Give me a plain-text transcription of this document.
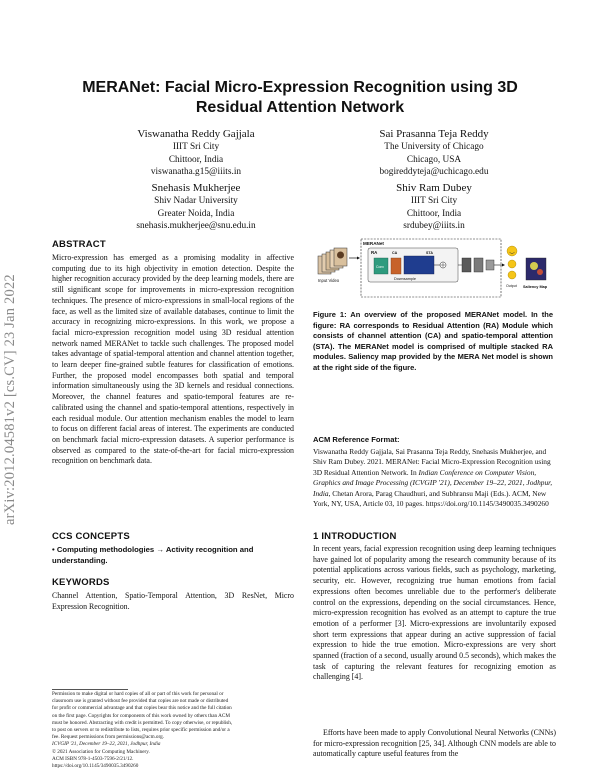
arXiv:2012.04581v2 [cs.CV] 23 Jan 2022
MERANet: Facial Micro-Expression Recognition using 3D Residual Attention Network
Viswanatha Reddy Gajjala
IIIT Sri City
Chittoor, India
viswanatha.g15@iiits.in
Sai Prasanna Teja Reddy
The University of Chicago
Chicago, USA
bogireddyteja@uchicago.edu
Snehasis Mukherjee
Shiv Nadar University
Greater Noida, India
snehasis.mukherjee@snu.edu.in
Shiv Ram Dubey
IIIT Sri City
Chittoor, India
srdubey@iiits.in
ABSTRACT
Micro-expression has emerged as a promising modality in affective computing due to its high objectivity in emotion detection. Despite the higher recognition accuracy provided by the deep learning models, there are still significant scope for improvements in micro-expression recognition techniques. The presence of micro-expressions in small-local regions of the face, as well as the limited size of available databases, continue to limit the accuracy in recognizing micro-expressions. In this work, we propose a facial micro-expression recognition model using 3D residual attention network named MERANet to tackle such challenges. The proposed model takes advantage of spatial-temporal attention and channel attention together, to learn deeper fine-grained subtle features for classification of emotions. Further, the proposed model encompasses both spatial and temporal information simultaneously using the 3D kernels and residual connections. Moreover, the channel features and spatio-temporal features are re-calibrated using the channel and spatio-temporal attentions, respectively in each residual module. Our attention mechanism enables the model to learn to focus on different facial areas of interest. The experiments are conducted on benchmark facial micro-expression datasets. A superior performance is observed as compared to the state-of-the-art for facial micro-expression recognition on benchmark data.
CCS CONCEPTS
• Computing methodologies → Activity recognition and understanding.
KEYWORDS
Channel Attention, Spatio-Temporal Attention, 3D ResNet, Micro Expression Recognition.
Permission to make digital or hard copies of all or part of this work for personal or
classroom use is granted without fee provided that copies are not made or distributed
for profit or commercial advantage and that copies bear this notice and the full citation
on the first page. Copyrights for components of this work owned by others than ACM
must be honored. Abstracting with credit is permitted. To copy otherwise, or republish,
to post on servers or to redistribute to lists, requires prior specific permission and/or a
fee. Request permissions from permissions@acm.org.
ICVGIP '21, December 19–22, 2021, Jodhpur, India
© 2021 Association for Computing Machinery.
ACM ISBN 978-1-4503-7596-2/21/12.
https://doi.org/10.1145/3490035.3490260
Input Video
MERANet
RA
Conv
CA	STA
Downsample
Output Saliency Map
Figure 1: An overview of the proposed MERANet model. In the figure: RA corresponds to Residual Attention (RA) Module which consists of channel attention (CA) and spatio-temporal attention (STA). The MERANet model is comprised of multiple stacked RA modules. Saliency map provided by the MERA Net model is shown at the right side of the figure.
ACM Reference Format:
Viswanatha Reddy Gajjala, Sai Prasanna Teja Reddy, Snehasis Mukherjee, and Shiv Ram Dubey. 2021. MERANet: Facial Micro-Expression Recognition using 3D Residual Attention Network. In Indian Conference on Computer Vision, Graphics and Image Processing (ICVGIP '21), December 19–22, 2021, Jodhpur, India, Chetan Arora, Parag Chaudhuri, and Subhransu Maji (Eds.). ACM, New York, NY, USA, Article 03, 10 pages. https://doi.org/10.1145/3490035.3490260
1 INTRODUCTION
In recent years, facial expression recognition using deep learning techniques have gained lot of popularity among the research community because of its potential applications across various fields, such as psychology, marketing, security, etc. However, recognizing true human emotions from facial expressions often becomes unreliable due to the performer's deliberate control on the expressions, depending on the social circumstances. Hence, micro-expression recognition has evolved as an attempt to capture the true emotion of a performer [3]. Micro-expressions are involuntarily exposed short term expressions that appear during an active suppression of facial expression to hide the true emotion. Micro-expressions are very short spanned (fraction of a second, usually around 0.5 seconds), which makes the task of capturing the relevant features for recognizing emotion as challenging [4].
Efforts have been made to apply Convolutional Neural Networks (CNNs) for micro-expression recognition [25, 34]. Although CNN models are able to automatically capture useful features from the
